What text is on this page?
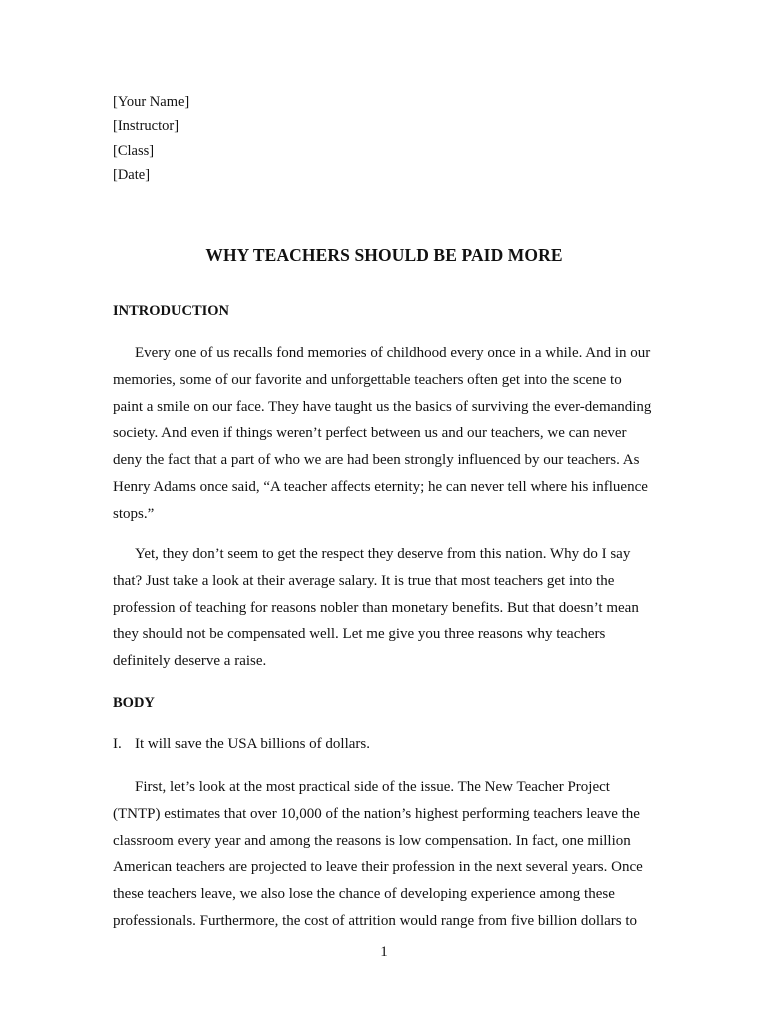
[Your Name]
[Instructor]
[Class]
[Date]
WHY TEACHERS SHOULD BE PAID MORE
INTRODUCTION
Every one of us recalls fond memories of childhood every once in a while. And in our
memories, some of our favorite and unforgettable teachers often get into the scene to
paint a smile on our face. They have taught us the basics of surviving the ever-demanding
society. And even if things weren’t perfect between us and our teachers, we can never
deny the fact that a part of who we are had been strongly influenced by our teachers. As
Henry Adams once said, “A teacher affects eternity; he can never tell where his influence
stops.”
Yet, they don’t seem to get the respect they deserve from this nation. Why do I say
that? Just take a look at their average salary. It is true that most teachers get into the
profession of teaching for reasons nobler than monetary benefits. But that doesn’t mean
they should not be compensated well. Let me give you three reasons why teachers
definitely deserve a raise.
BODY
I. It will save the USA billions of dollars.
First, let’s look at the most practical side of the issue. The New Teacher Project
(TNTP) estimates that over 10,000 of the nation’s highest performing teachers leave the
classroom every year and among the reasons is low compensation. In fact, one million
American teachers are projected to leave their profession in the next several years. Once
these teachers leave, we also lose the chance of developing experience among these
professionals. Furthermore, the cost of attrition would range from five billion dollars to
1
